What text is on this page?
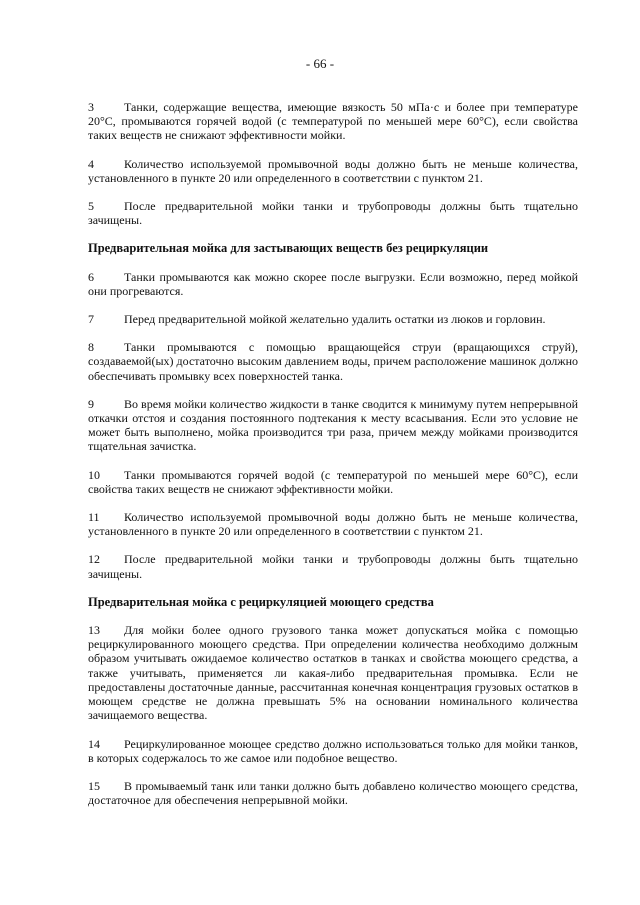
- 66 -

3	Танки, содержащие вещества, имеющие вязкость 50 мПа·с и более при температуре 20°С, промываются горячей водой (с температурой по меньшей мере 60°С), если свойства таких веществ не снижают эффективности мойки.

4	Количество используемой промывочной воды должно быть не меньше количества, установленного в пункте 20 или определенного в соответствии с пунктом 21.

5	После предварительной мойки танки и трубопроводы должны быть тщательно зачищены.

Предварительная мойка для застывающих веществ без рециркуляции

6	Танки промываются как можно скорее после выгрузки. Если возможно, перед мойкой они прогреваются.

7	Перед предварительной мойкой желательно удалить остатки из люков и горловин.

8	Танки промываются с помощью вращающейся струи (вращающихся струй), создаваемой(ых) достаточно высоким давлением воды, причем расположение машинок должно обеспечивать промывку всех поверхностей танка.

9	Во время мойки количество жидкости в танке сводится к минимуму путем непрерывной откачки отстоя и создания постоянного подтекания к месту всасывания. Если это условие не может быть выполнено, мойка производится три раза, причем между мойками производится тщательная зачистка.

10 Танки промываются горячей водой (с температурой по меньшей мере 60°С), если свойства таких веществ не снижают эффективности мойки.

11 Количество используемой промывочной воды должно быть не меньше количества, установленного в пункте 20 или определенного в соответствии с пунктом 21.

12 После предварительной мойки танки и трубопроводы должны быть тщательно зачищены.

Предварительная мойка с рециркуляцией моющего средства

13 Для мойки более одного грузового танка может допускаться мойка с помощью рециркулированного моющего средства. При определении количества необходимо должным образом учитывать ожидаемое количество остатков в танках и свойства моющего средства, а также учитывать, применяется ли какая-либо предварительная промывка. Если не предоставлены достаточные данные, рассчитанная конечная концентрация грузовых остатков в моющем средстве не должна превышать 5% на основании номинального количества зачищаемого вещества.

14 Рециркулированное моющее средство должно использоваться только для мойки танков, в которых содержалось то же самое или подобное вещество.

15 В промываемый танк или танки должно быть добавлено количество моющего средства, достаточное для обеспечения непрерывной мойки.
